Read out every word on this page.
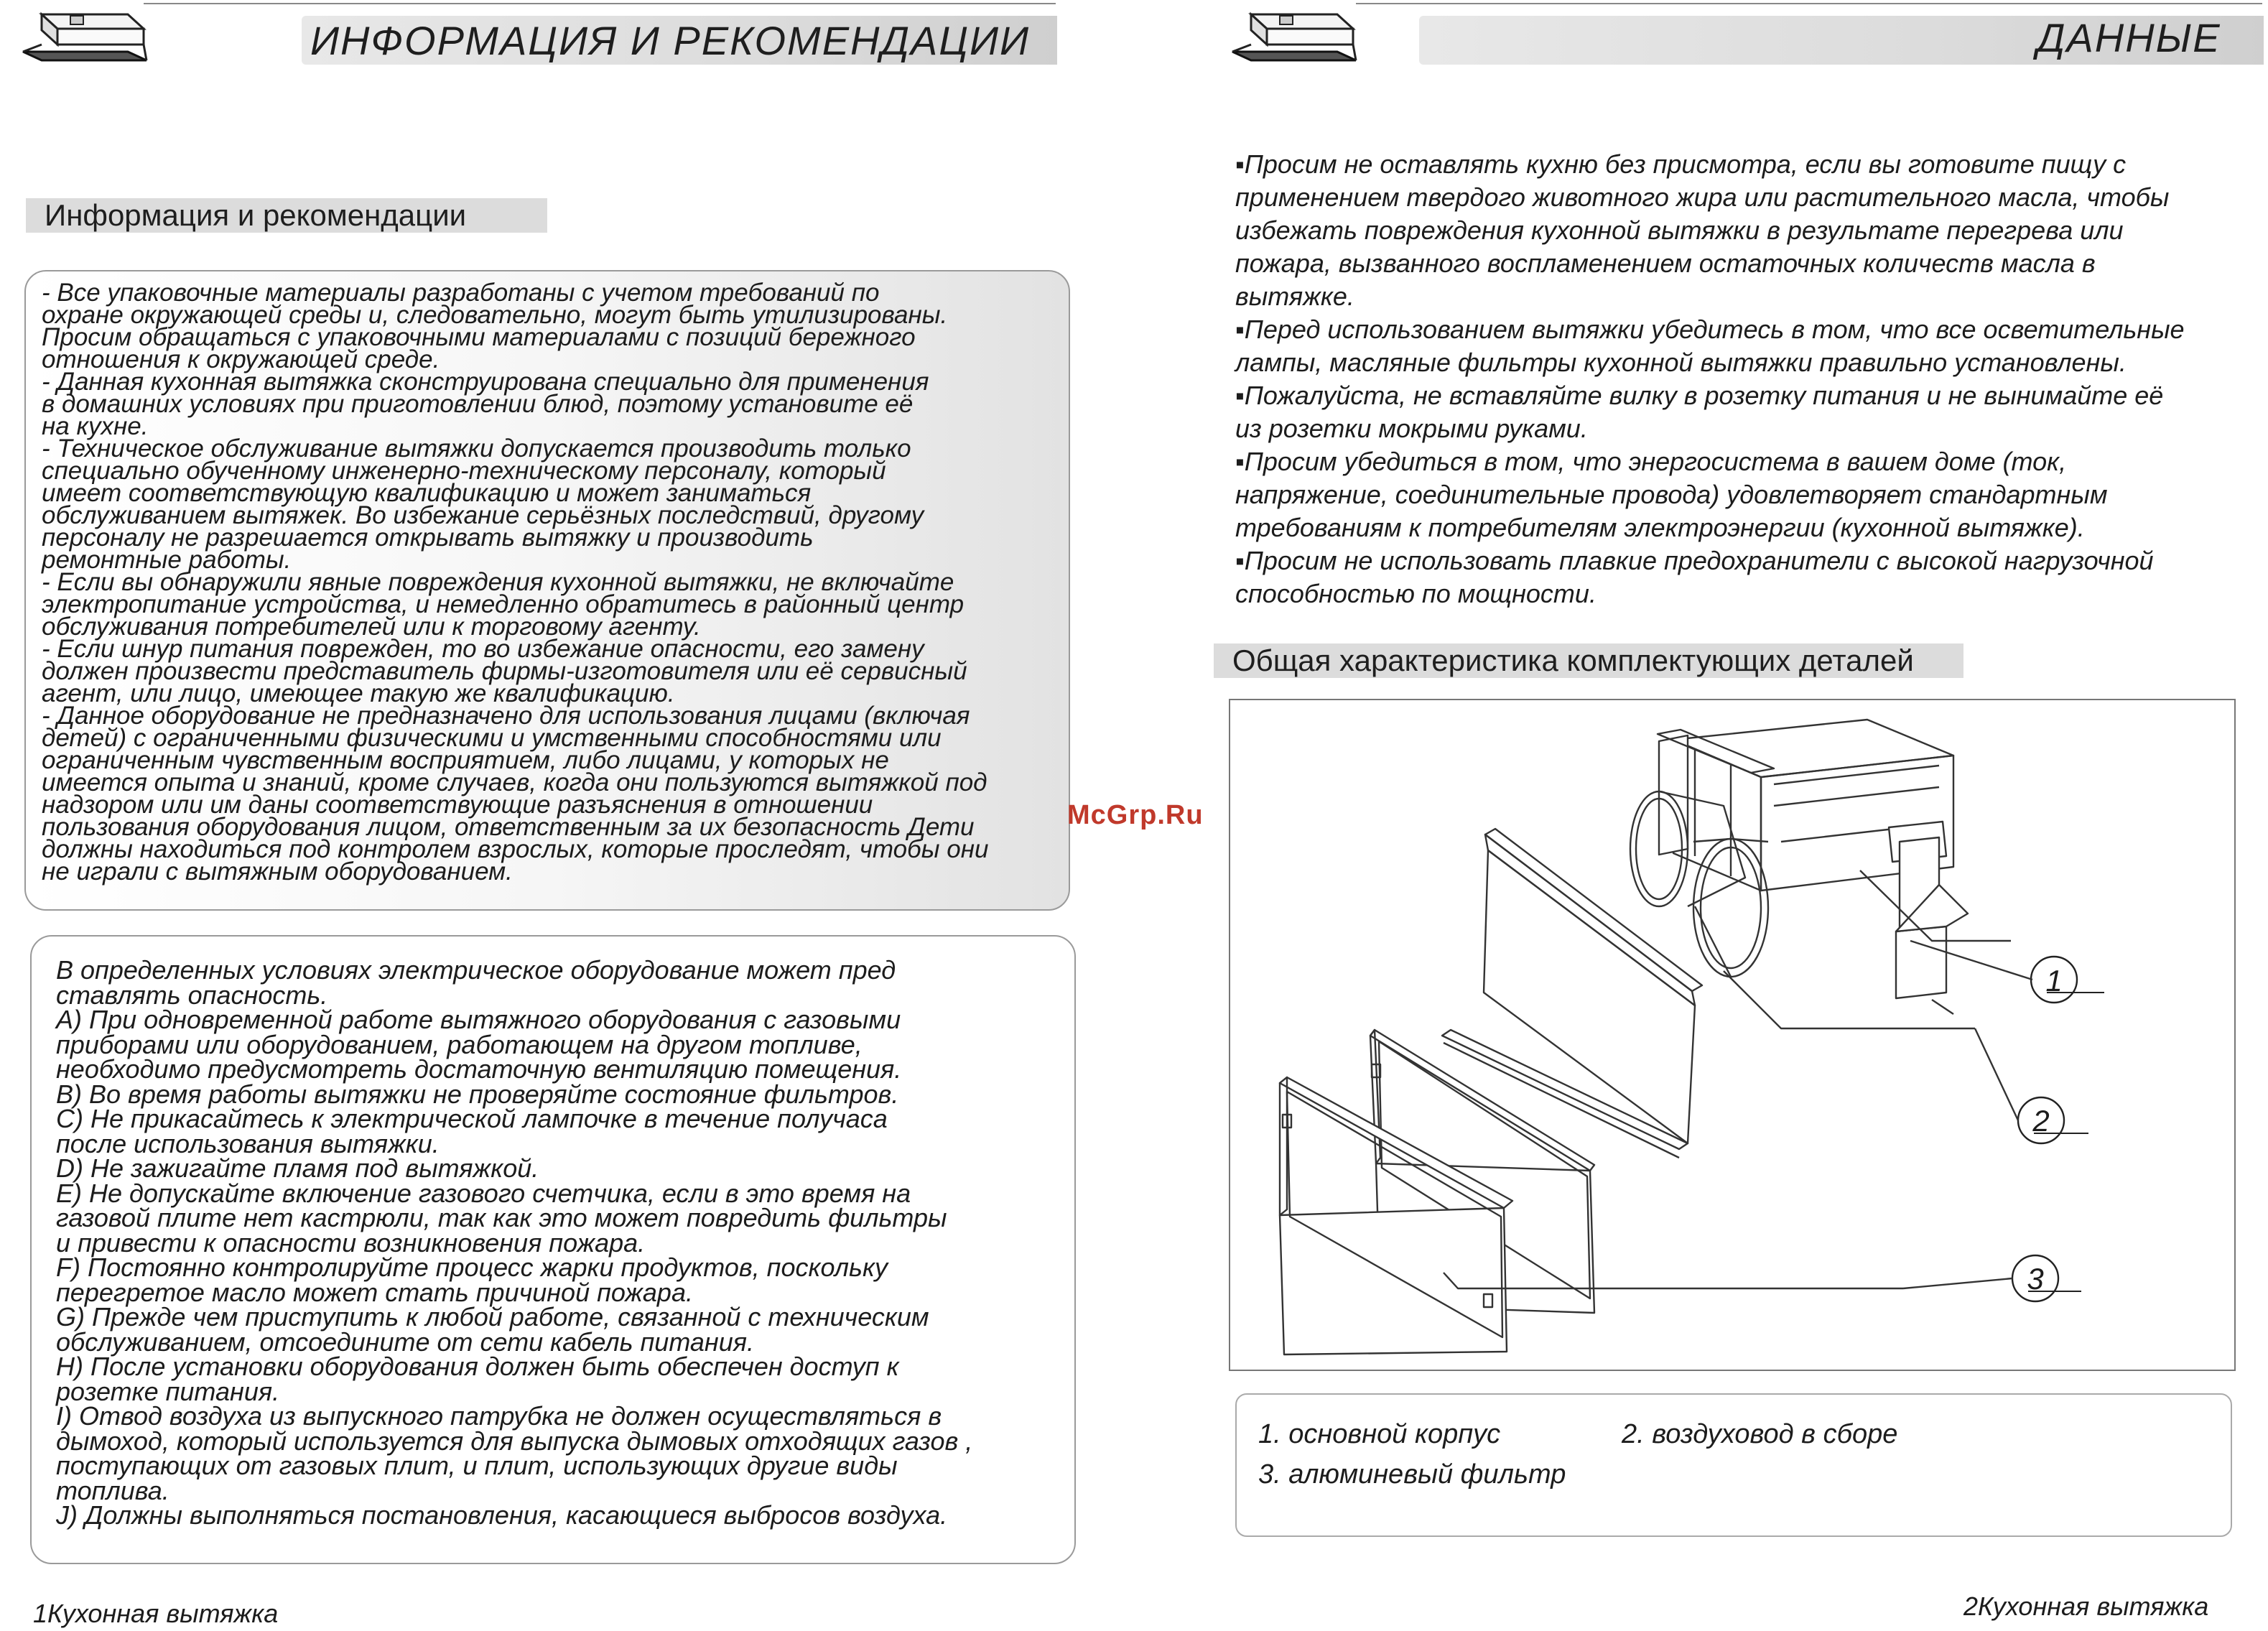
ИНФОРМАЦИЯ И РЕКОМЕНДАЦИИ
Информация и рекомендации

- Все упаковочные материалы разработаны с учетом требований по
охране окружающей среды и, следовательно, могут быть утилизированы.
Просим обращаться с упаковочными материалами с позиций бережного
отношения к окружающей среде.
- Данная кухонная вытяжка сконструирована специально для применения
в домашних условиях при приготовлении блюд, поэтому установите её
на кухне.
- Техническое обслуживание вытяжки допускается производить только
специально обученному инженерно-техническому персоналу, который
имеет соответствующую квалификацию и может заниматься
обслуживанием вытяжек. Во избежание серьёзных последствий, другому
персоналу не разрешается открывать вытяжку и производить
ремонтные работы.
- Если вы обнаружили явные повреждения кухонной вытяжки, не включайте
электропитание устройства, и немедленно обратитесь в районный центр
обслуживания потребителей или к торговому агенту.
- Если шнур питания поврежден, то во избежание опасности, его замену
должен произвести представитель фирмы-изготовителя или её сервисный
агент, или лицо, имеющее такую же квалификацию.
- Данное оборудование не предназначено для использования лицами (включая
детей) с ограниченными физическими и умственными способностями или
ограниченным чувственным восприятием, либо лицами, у которых не
имеется опыта и знаний, кроме случаев, когда они пользуются вытяжкой под
надзором или им даны соответствующие разъяснения в отношении
пользования оборудования лицом, ответственным за их безопасность Дети
должны находиться под контролем взрослых, которые проследят, чтобы они
не играли с вытяжным оборудованием.

В определенных условиях электрическое оборудование может пред
ставлять опасность.
A) При одновременной работе вытяжного оборудования с газовыми
приборами или оборудованием, работающем на другом топливе,
необходимо предусмотреть достаточную вентиляцию помещения.
B) Во время работы вытяжки не проверяйте состояние фильтров.
C) Не прикасайтесь к электрической лампочке в течение получаса
после использования вытяжки.
D) Не зажигайте пламя под вытяжкой.
E) Не допускайте включение газового счетчика, если в это время на
газовой плите нет кастрюли, так как это может повредить фильтры
и привести к опасности возникновения пожара.
F) Постоянно контролируйте процесс жарки продуктов, поскольку
перегретое масло может стать причиной пожара.
G) Прежде чем приступить к любой работе, связанной с техническим
обслуживанием, отсоедините от сети кабель питания.
H) После установки оборудования должен быть обеспечен доступ к
розетке питания.
I) Отвод воздуха из выпускного патрубка не должен осуществляться в
дымоход, который используется для выпуска дымовых отходящих газов ,
поступающих от газовых плит, и плит, использующих другие виды
топлива.
J) Должны выполняться постановления, касающиеся выбросов воздуха.

1Кухонная вытяжка
McGrp.Ru
ДАННЫЕ

▪Просим не оставлять кухню без присмотра, если вы готовите пищу с
применением твердого животного жира или растительного масла, чтобы
избежать повреждения кухонной вытяжки в результате перегрева или
пожара, вызванного воспламенением остаточных количеств масла в
вытяжке.
▪Перед использованием вытяжки убедитесь в том, что все осветительные
лампы, масляные фильтры кухонной вытяжки правильно установлены.
▪Пожалуйста, не вставляйте вилку в розетку питания и не вынимайте её
из розетки мокрыми руками.
▪Просим убедиться в том, что энергосистема в вашем доме (ток,
напряжение, соединительные провода) удовлетворяет стандартным
требованиям к потребителям электроэнергии (кухонной вытяжке).
▪Просим не использовать плавкие предохранители с высокой нагрузочной
способностью по мощности.

Общая характеристика комплектующих деталей
1
2
3
1. основной корпус	2. воздуховод в сборе
3. алюминевый фильтр
2Кухонная вытяжка
